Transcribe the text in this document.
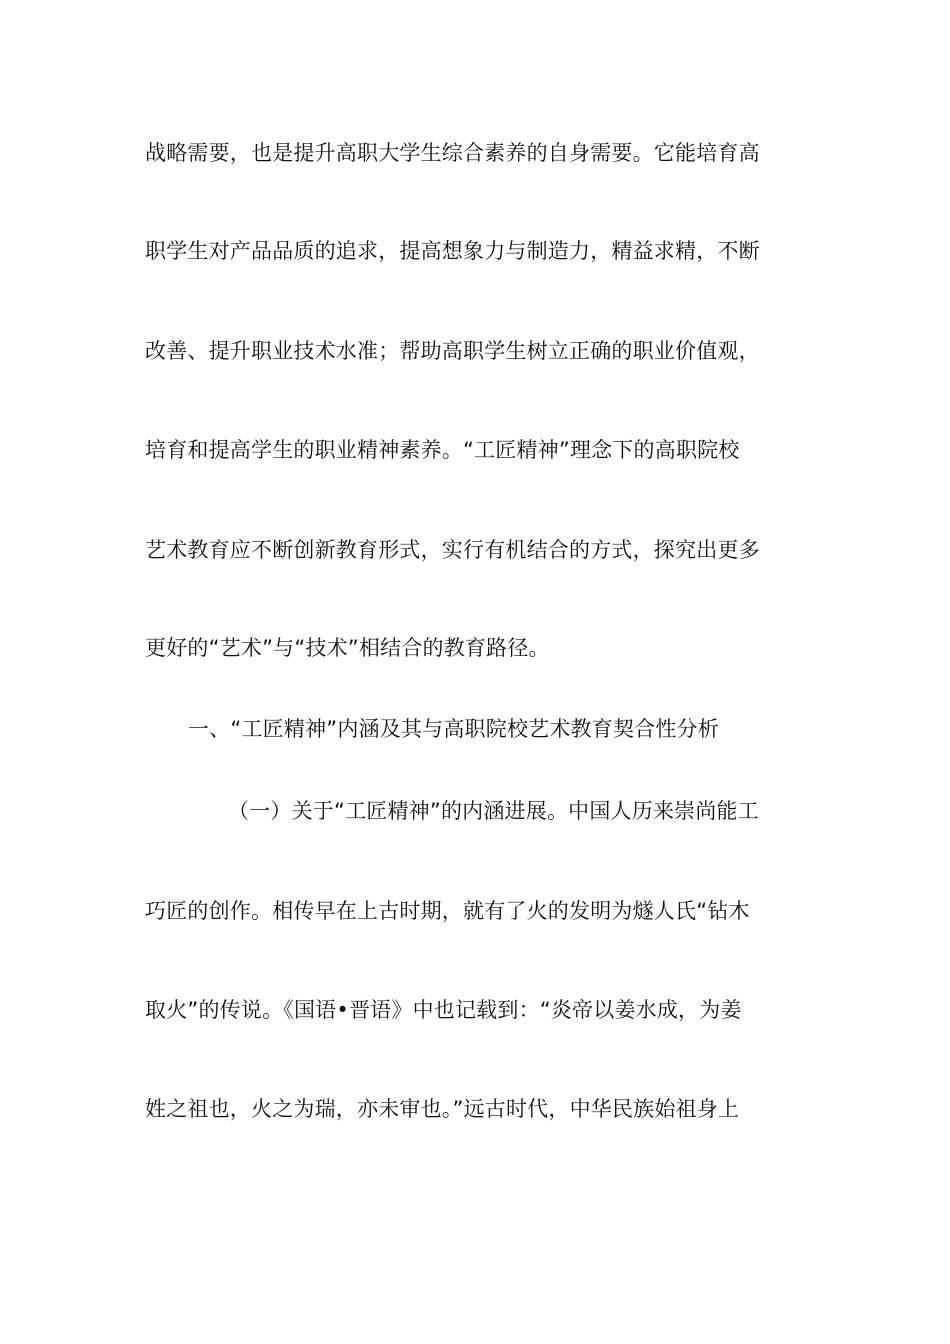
战略需要，也是提升高职大学生综合素养的自身需要。它能培育高
职学生对产品品质的追求，提高想象力与制造力，精益求精，不断
改善、提升职业技术水准；帮助高职学生树立正确的职业价值观，
培育和提高学生的职业精神素养。“工匠精神”理念下的高职院校
艺术教育应不断创新教育形式，实行有机结合的方式，探究出更多
更好的“艺术”与“技术”相结合的教育路径。
一、“工匠精神”内涵及其与高职院校艺术教育契合性分析
（一）关于“工匠精神”的内涵进展。中国人历来崇尚能工
巧匠的创作。相传早在上古时期，就有了火的发明为燧人氏“钻木
取火”的传说。《国语•晋语》中也记载到：“炎帝以姜水成，为姜
姓之祖也，火之为瑞，亦未审也。”远古时代，中华民族始祖身上
